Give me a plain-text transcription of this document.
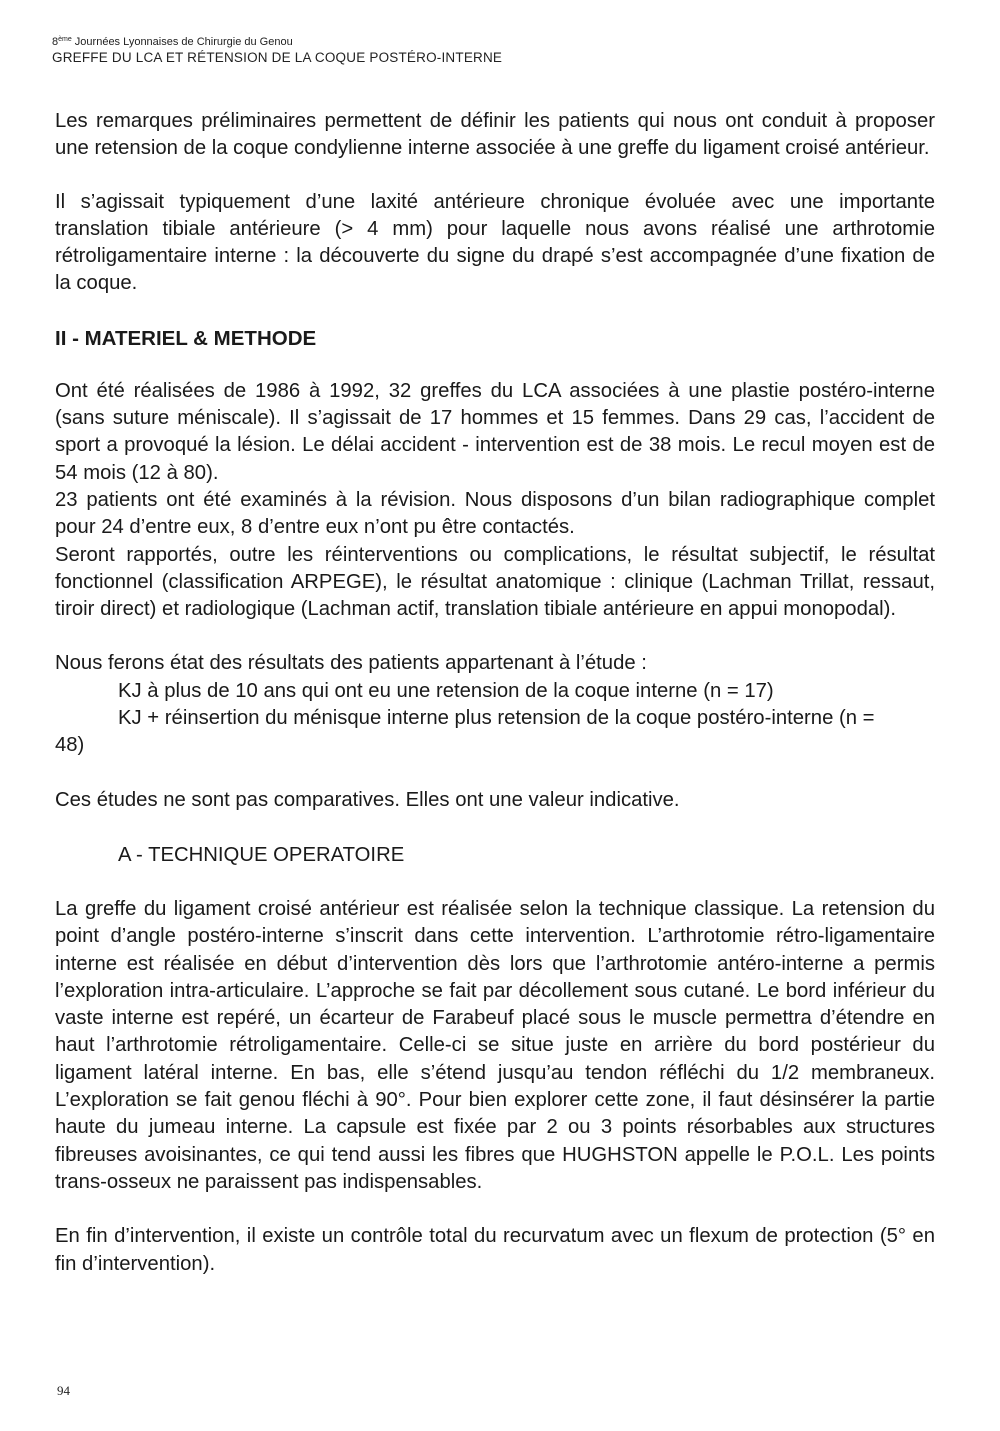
8ème Journées Lyonnaises de Chirurgie du Genou
GREFFE DU LCA ET RÉTENSION DE LA COQUE POSTÉRO-INTERNE

Les remarques préliminaires permettent de définir les patients qui nous ont conduit à proposer une retension de la coque condylienne interne associée à une greffe du ligament croisé antérieur.

Il s’agissait typiquement d’une laxité antérieure chronique évoluée avec une importante translation tibiale antérieure (> 4 mm) pour laquelle nous avons réalisé une arthrotomie rétroligamentaire interne : la découverte du signe du drapé s’est accompagnée d’une fixation de la coque.

II - MATERIEL & METHODE

Ont été réalisées de 1986 à 1992, 32 greffes du LCA associées à une plastie postéro-interne (sans suture méniscale). Il s’agissait de 17 hommes et 15 femmes. Dans 29 cas, l’accident de sport a provoqué la lésion. Le délai accident - intervention est de 38 mois. Le recul moyen est de 54 mois (12 à 80).

23 patients ont été examinés à la révision. Nous disposons d’un bilan radiographique complet pour 24 d’entre eux, 8 d’entre eux n’ont pu être contactés.

Seront rapportés, outre les réinterventions ou complications, le résultat subjectif, le résultat fonctionnel (classification ARPEGE), le résultat anatomique : clinique (Lachman Trillat, ressaut, tiroir direct) et radiologique (Lachman actif, translation tibiale antérieure en appui monopodal).

Nous ferons état des résultats des patients appartenant à l’étude :

KJ à plus de 10 ans qui ont eu une retension de la coque interne (n = 17)

KJ + réinsertion du ménisque interne plus retension de la coque postéro-interne (n =

48)

Ces études ne sont pas comparatives. Elles ont une valeur indicative.

A - TECHNIQUE OPERATOIRE

La greffe du ligament croisé antérieur est réalisée selon la technique classique. La retension du point d’angle postéro-interne s’inscrit dans cette intervention. L’arthrotomie rétro-ligamentaire interne est réalisée en début d’intervention dès lors que l’arthrotomie antéro-interne a permis l’exploration intra-articulaire. L’approche se fait par décollement sous cutané. Le bord inférieur du vaste interne est repéré, un écarteur de Farabeuf placé sous le muscle permettra d’étendre en haut l’arthrotomie rétroligamentaire. Celle-ci se situe juste en arrière du bord postérieur du ligament latéral interne. En bas, elle s’étend jusqu’au tendon réfléchi du 1/2 membraneux. L’exploration se fait genou fléchi à 90°. Pour bien explorer cette zone, il faut désinsérer la partie haute du jumeau interne. La capsule est fixée par 2 ou 3 points résorbables aux structures fibreuses avoisinantes, ce qui tend aussi les fibres que HUGHSTON appelle le P.O.L. Les points trans-osseux ne paraissent pas indispensables.

En fin d’intervention, il existe un contrôle total du recurvatum avec un flexum de protection (5° en fin d’intervention).

94
